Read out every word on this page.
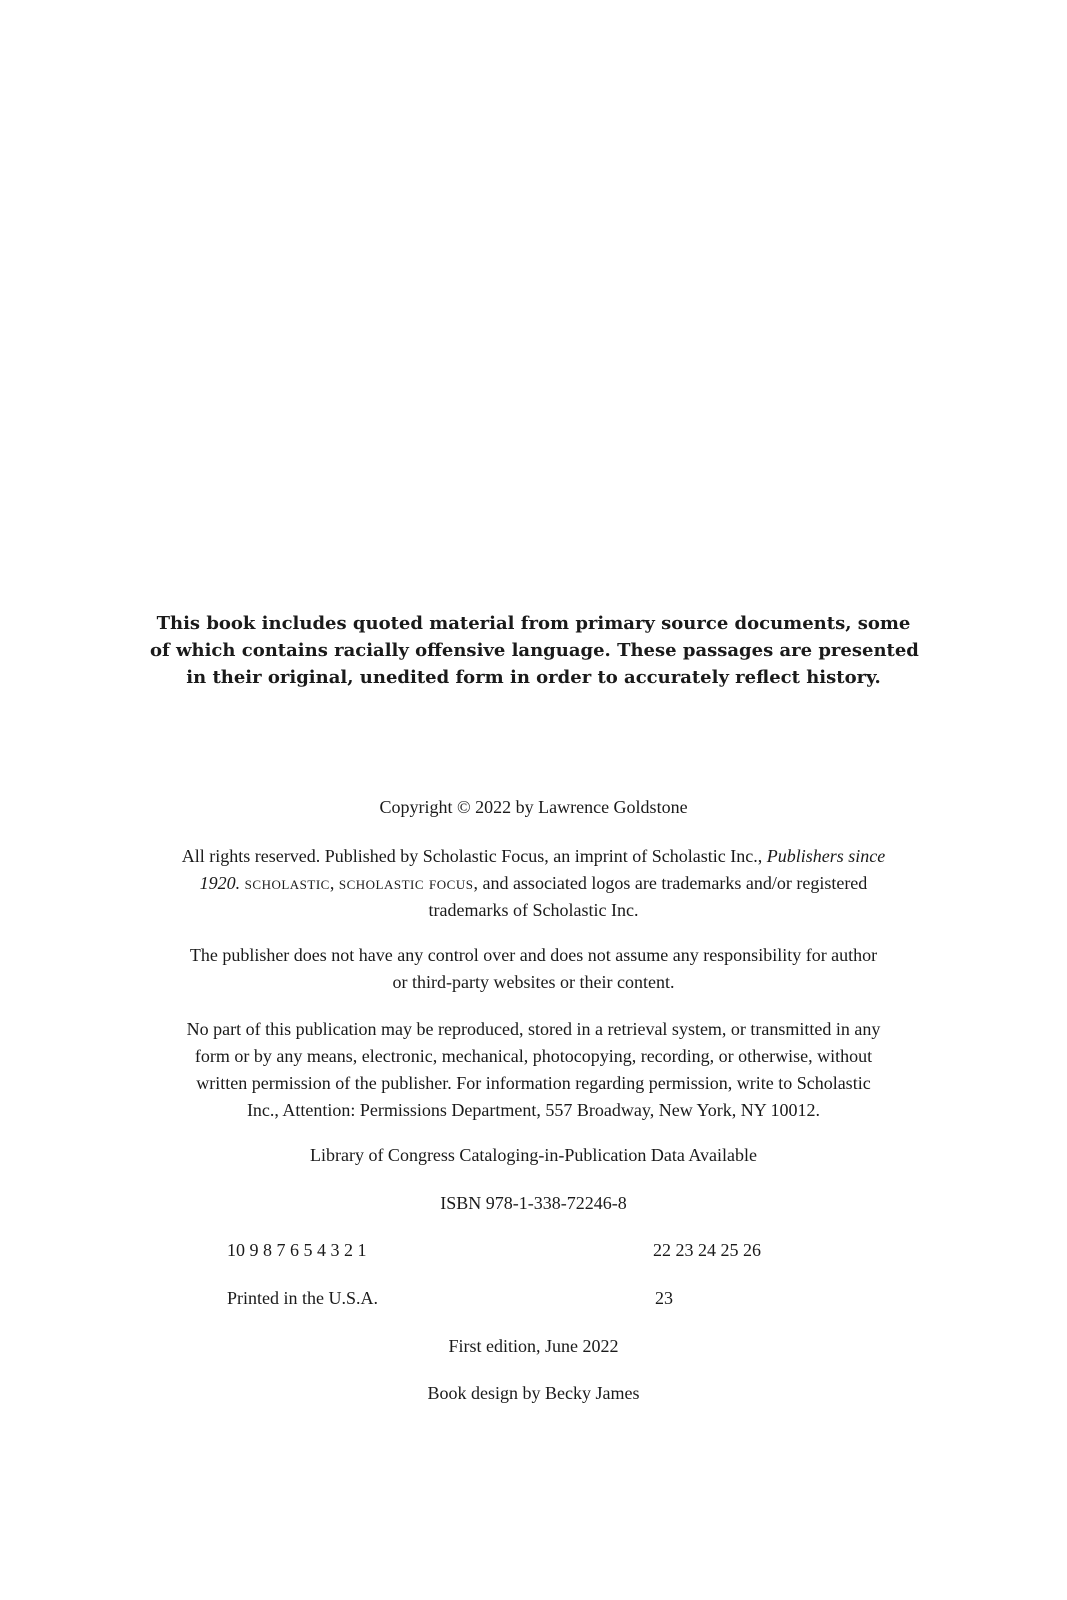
This book includes quoted material from primary source documents, some
of which contains racially offensive language. These passages are presented
in their original, unedited form in order to accurately reflect history.
Copyright © 2022 by Lawrence Goldstone
All rights reserved. Published by Scholastic Focus, an imprint of Scholastic Inc., Publishers since
1920. scholastic, scholastic focus, and associated logos are trademarks and/or registered
trademarks of Scholastic Inc.
The publisher does not have any control over and does not assume any responsibility for author
or third-party websites or their content.
No part of this publication may be reproduced, stored in a retrieval system, or transmitted in any
form or by any means, electronic, mechanical, photocopying, recording, or otherwise, without
written permission of the publisher. For information regarding permission, write to Scholastic
Inc., Attention: Permissions Department, 557 Broadway, New York, NY 10012.
Library of Congress Cataloging-in-Publication Data Available
ISBN 978-1-338-72246-8
10 9 8 7 6 5 4 3 2 1	22 23 24 25 26
Printed in the U.S.A.	23
First edition, June 2022
Book design by Becky James
